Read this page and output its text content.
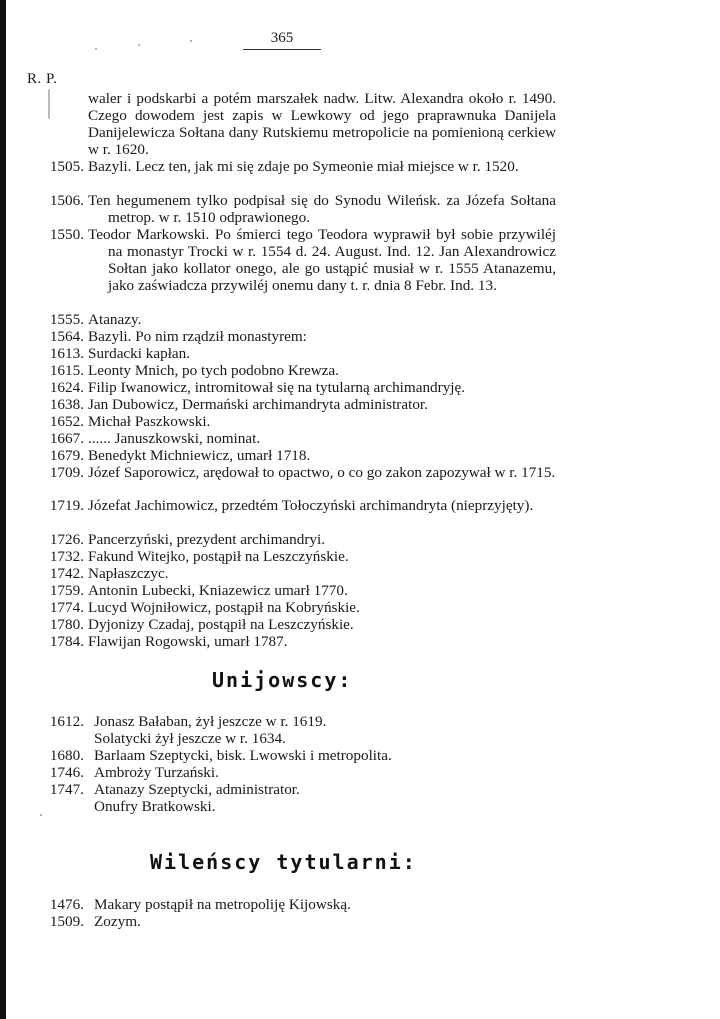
365
R. P.
waler i podskarbi a potém marszałek nadw. Litw. Alexandra około r. 1490. Czego dowodem jest zapis w Lewkowy od jego praprawnuka Danijela Danijelewicza Sołtana dany Rutskiemu metropolicie na pomienioną cerkiew w r. 1620.
1505. Bazyli. Lecz ten, jak mi się zdaje po Symeonie miał miejsce w r. 1520.
1506. Ten hegumenem tylko podpisał się do Synodu Wileńsk. za Józefa Sołtana metrop. w r. 1510 odprawionego.
1550. Teodor Markowski. Po śmierci tego Teodora wyprawił był sobie przywiléj na monastyr Trocki w r. 1554 d. 24. August. Ind. 12. Jan Alexandrowicz Sołtan jako kollator onego, ale go ustąpić musiał w r. 1555 Atanazemu, jako zaświadcza przywiléj onemu dany t. r. dnia 8 Febr. Ind. 13.
1555. Atanazy.
1564. Bazyli. Po nim rządził monastyrem:
1613. Surdacki kapłan.
1615. Leonty Mnich, po tych podobno Krewza.
1624. Filip Iwanowicz, intromitował się na tytularną archimandryję.
1638. Jan Dubowicz, Dermański archimandryta administrator.
1652. Michał Paszkowski.
1667. ...... Januszkowski, nominat.
1679. Benedykt Michniewicz, umarł 1718.
1709. Józef Saporowicz, arędował to opactwo, o co go zakon zapozywał w r. 1715.
1719. Józefat Jachimowicz, przedtém Tołoczyński archimandryta (nieprzyjęty).
1726. Pancerzyński, prezydent archimandryi.
1732. Fakund Witejko, postąpił na Leszczyńskie.
1742. Napłaszczyc.
1759. Antonin Lubecki, Kniazewicz umarł 1770.
1774. Lucyd Wojniłowicz, postąpił na Kobryńskie.
1780. Dyjonizy Czadaj, postąpił na Leszczyńskie.
1784. Flawijan Rogowski, umarł 1787.
Unijowscy:
1612. Jonasz Bałaban, żył jeszcze w r. 1619.
Solatycki żył jeszcze w r. 1634.
1680. Barlaam Szeptycki, bisk. Lwowski i metropolita.
1746. Ambroży Turzański.
1747. Atanazy Szeptycki, administrator.
Onufry Bratkowski.
Wileńscy tytularni:
1476. Makary postąpił na metropoliję Kijowską.
1509. Zozym.
